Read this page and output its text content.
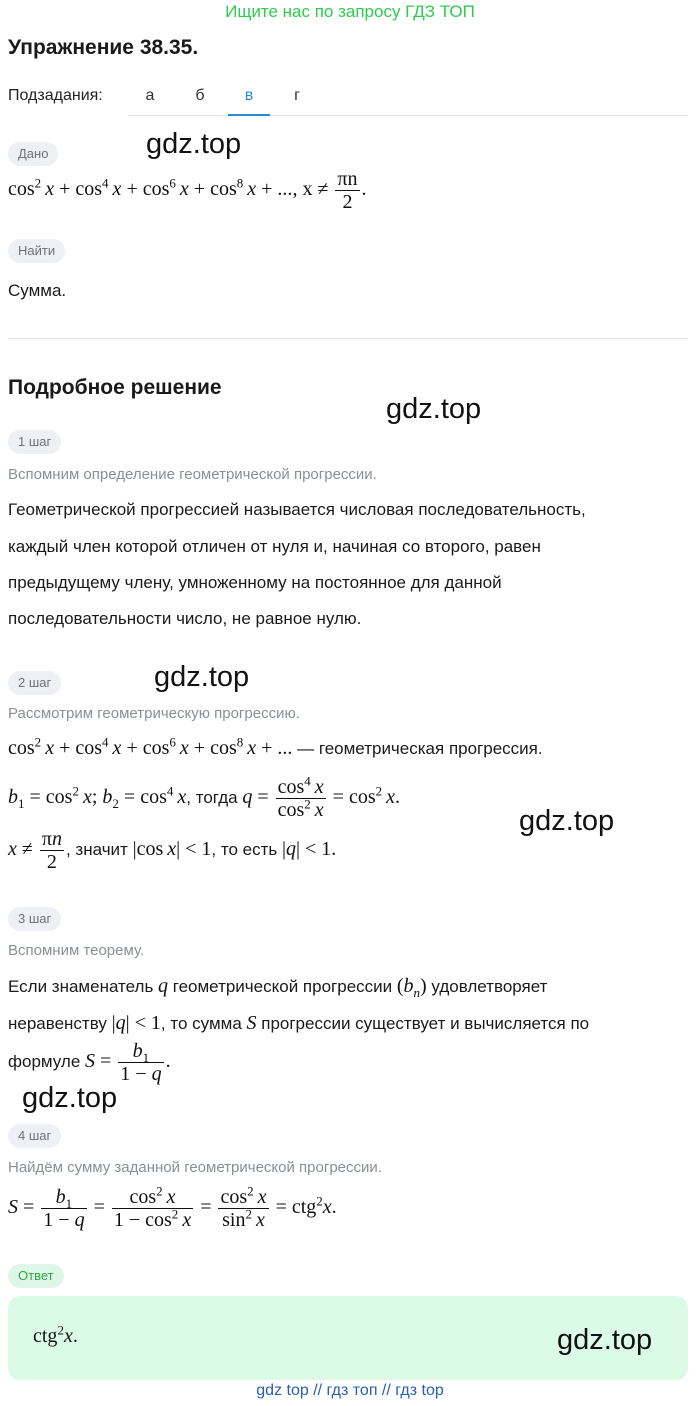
Ищите нас по запросу ГДЗ ТОП
Упражнение 38.35.
Подзадания:	а	б	в	г
Дано
$\cos^2 x + \cos^4 x + \cos^6 x + \cos^8 x$ + ..., $x \ne \frac{\pi n}{2}$ .
Найти
Сумма.
Подробное решение
1 шаг
Вспомним определение геометрической прогрессии.
Геометрической прогрессией называется числовая последовательность,
каждый член которой отличен от нуля и, начиная со второго, равен
предыдущему члену, умноженному на постоянное для данной
последовательности число, не равное нулю.
2 шаг
Рассмотрим геометрическую прогрессию.
$\cos^2 x + \cos^4 x + \cos^6 x + \cos^8 x$ + ... — геометрическая прогрессия.
$b_1 = \cos^2 x$; $b_2 = \cos^4 x$, тогда $q = \frac{\cos^4 x}{\cos^2 x} = \cos^2 x$.
$x \ne \frac{\pi n}{2}$ , значит |cos x| < 1, то есть |q| < 1.
3 шаг
Вспомним теорему.
Если знаменатель q геометрической прогрессии $(b_n)$ удовлетворяет
неравенству |q| < 1, то сумма S прогрессии существует и вычисляется по
формуле $S = \frac{b_1}{1 - q}$ .
4 шаг
Найдём сумму заданной геометрической прогрессии.
$S = \frac{b_1}{1 - q} = \frac{\cos^2 x}{1 - \cos^2 x} = \frac{\cos^2 x}{\sin^2 x} = ctg^2x$.
Ответ
ctg$^2$x.
gdz.top
gdz.top
gdz.top
gdz.top
gdz.top
gdz.top
gdz top // гдз топ // гдз top
